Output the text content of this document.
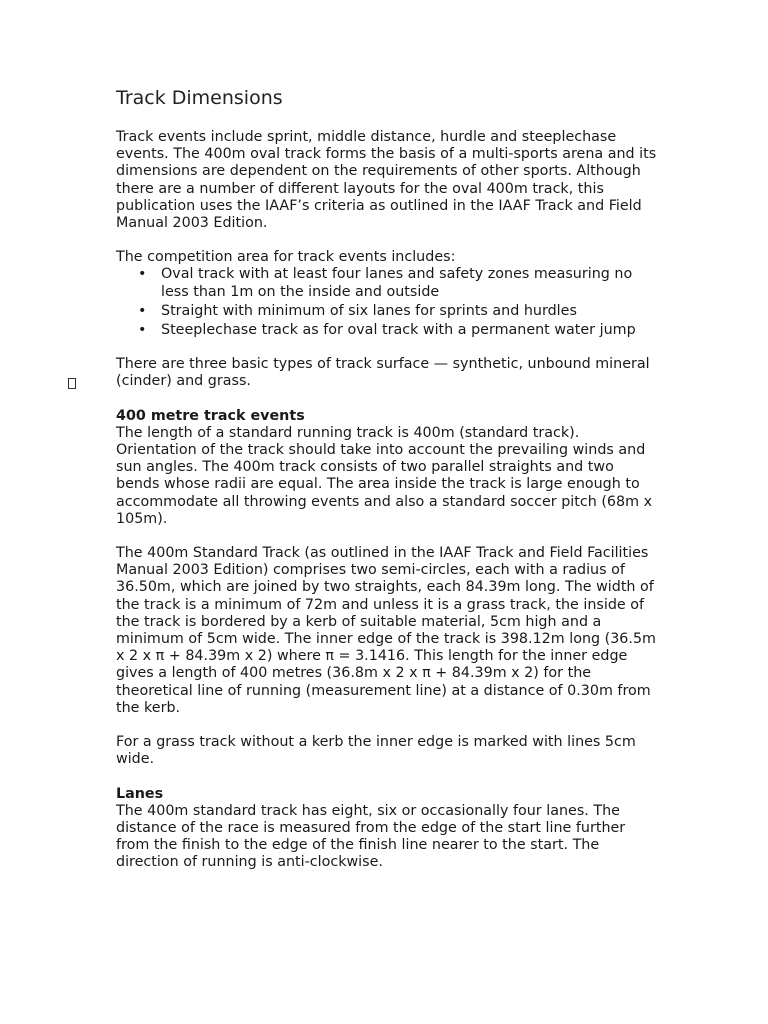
Track Dimensions

Track events include sprint, middle distance, hurdle and steeplechase events. The 400m oval track forms the basis of a multi-sports arena and its dimensions are dependent on the requirements of other sports. Although there are a number of different layouts for the oval 400m track, this publication uses the IAAF’s criteria as outlined in the IAAF Track and Field Manual 2003 Edition.

The competition area for track events includes:

• Oval track with at least four lanes and safety zones measuring no less than 1m on the inside and outside
• Straight with minimum of six lanes for sprints and hurdles
• Steeplechase track as for oval track with a permanent water jump

There are three basic types of track surface — synthetic, unbound mineral (cinder) and grass.

400 metre track events

The length of a standard running track is 400m (standard track). Orientation of the track should take into account the prevailing winds and sun angles. The 400m track consists of two parallel straights and two bends whose radii are equal. The area inside the track is large enough to accommodate all throwing events and also a standard soccer pitch (68m x 105m).

The 400m Standard Track (as outlined in the IAAF Track and Field Facilities Manual 2003 Edition) comprises two semi-circles, each with a radius of 36.50m, which are joined by two straights, each 84.39m long. The width of the track is a minimum of 72m and unless it is a grass track, the inside of the track is bordered by a kerb of suitable material, 5cm high and a minimum of 5cm wide. The inner edge of the track is 398.12m long (36.5m x 2 x π + 84.39m x 2) where π = 3.1416. This length for the inner edge gives a length of 400 metres (36.8m x 2 x π + 84.39m x 2) for the theoretical line of running (measurement line) at a distance of 0.30m from the kerb.

For a grass track without a kerb the inner edge is marked with lines 5cm wide.

Lanes

The 400m standard track has eight, six or occasionally four lanes. The distance of the race is measured from the edge of the start line further from the finish to the edge of the finish line nearer to the start. The direction of running is anti-clockwise.
